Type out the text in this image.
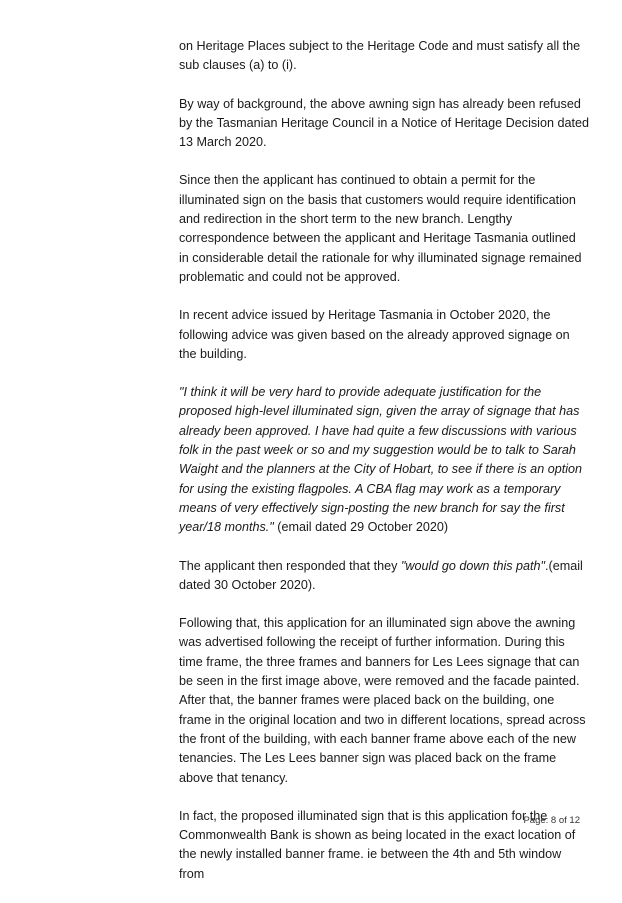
on Heritage Places subject to the Heritage Code and must satisfy all the sub clauses (a) to (i).

By way of background, the above awning sign has already been refused by the Tasmanian Heritage Council in a Notice of Heritage Decision dated 13 March 2020.

Since then the applicant has continued to obtain a permit for the illuminated sign on the basis that customers would require identification and redirection in the short term to the new branch. Lengthy correspondence between the applicant and Heritage Tasmania outlined in considerable detail the rationale for why illuminated signage remained problematic and could not be approved.

In recent advice issued by Heritage Tasmania in October 2020, the following advice was given based on the already approved signage on the building.

"I think it will be very hard to provide adequate justification for the proposed high-level illuminated sign, given the array of signage that has already been approved. I have had quite a few discussions with various folk in the past week or so and my suggestion would be to talk to Sarah Waight and the planners at the City of Hobart, to see if there is an option for using the existing flagpoles. A CBA flag may work as a temporary means of very effectively sign-posting the new branch for say the first year/18 months." (email dated 29 October 2020)

The applicant then responded that they "would go down this path".(email dated 30 October 2020).

Following that, this application for an illuminated sign above the awning was advertised following the receipt of further information. During this time frame, the three frames and banners for Les Lees signage that can be seen in the first image above, were removed and the facade painted. After that, the banner frames were placed back on the building, one frame in the original location and two in different locations, spread across the front of the building, with each banner frame above each of the new tenancies. The Les Lees banner sign was placed back on the frame above that tenancy.

In fact, the proposed illuminated sign that is this application for the Commonwealth Bank is shown as being located in the exact location of the newly installed banner frame. ie between the 4th and 5th window from

Page: 8 of 12
